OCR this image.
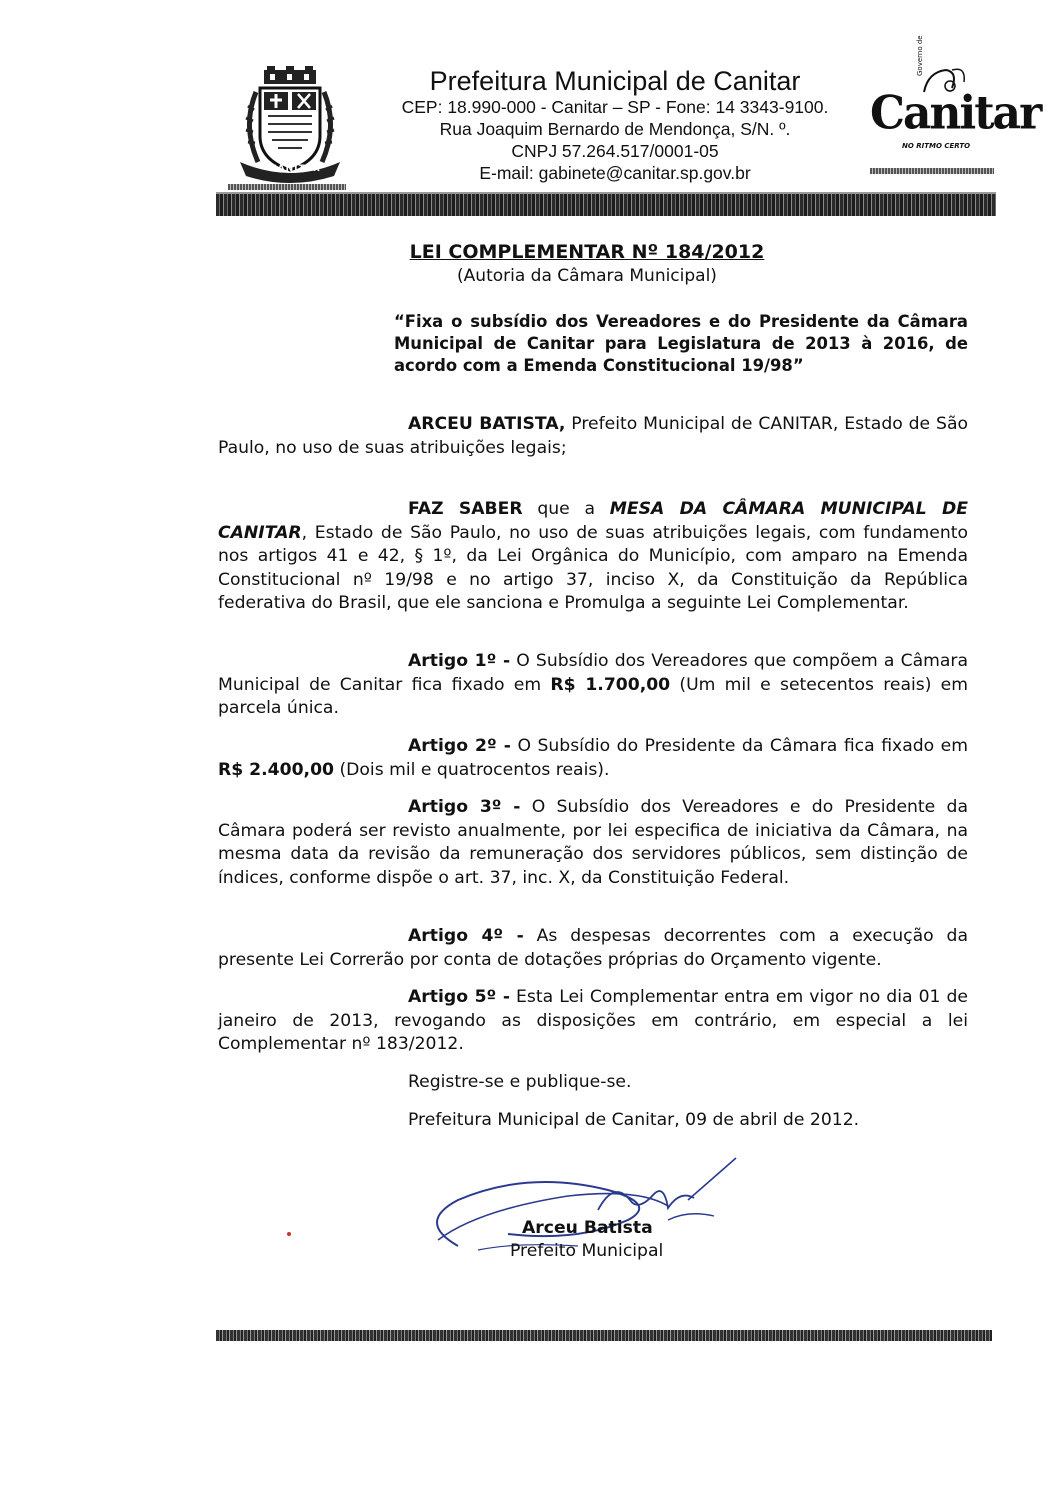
CANITAR

Prefeitura Municipal de Canitar

CEP: 18.990-000 - Canitar – SP - Fone: 14 3343-9100.

Rua Joaquim Bernardo de Mendonça, S/N. º.

CNPJ 57.264.517/0001-05

E-mail: gabinete@canitar.sp.gov.br

Governo de
Canitar
NO RITMO CERTO

LEI COMPLEMENTAR Nº 184/2012

(Autoria da Câmara Municipal)

“Fixa o subsídio dos Vereadores e do Presidente da Câmara Municipal de Canitar para Legislatura de 2013 à 2016, de acordo com a Emenda Constitucional 19/98”

ARCEU BATISTA, Prefeito Municipal de CANITAR, Estado de São Paulo, no uso de suas atribuições legais;

FAZ SABER que a MESA DA CÂMARA MUNICIPAL DE CANITAR, Estado de São Paulo, no uso de suas atribuições legais, com fundamento nos artigos 41 e 42, § 1º, da Lei Orgânica do Município, com amparo na Emenda Constitucional nº 19/98 e no artigo 37, inciso X, da Constituição da República federativa do Brasil, que ele sanciona e Promulga a seguinte Lei Complementar.

Artigo 1º - O Subsídio dos Vereadores que compõem a Câmara Municipal de Canitar fica fixado em R$ 1.700,00 (Um mil e setecentos reais) em parcela única.

Artigo 2º - O Subsídio do Presidente da Câmara fica fixado em R$ 2.400,00 (Dois mil e quatrocentos reais).

Artigo 3º - O Subsídio dos Vereadores e do Presidente da Câmara poderá ser revisto anualmente, por lei especifica de iniciativa da Câmara, na mesma data da revisão da remuneração dos servidores públicos, sem distinção de índices, conforme dispõe o art. 37, inc. X, da Constituição Federal.

Artigo 4º - As despesas decorrentes com a execução da presente Lei Correrão por conta de dotações próprias do Orçamento vigente.

Artigo 5º - Esta Lei Complementar entra em vigor no dia 01 de janeiro de 2013, revogando as disposições em contrário, em especial a lei Complementar nº 183/2012.

Registre-se e publique-se.

Prefeitura Municipal de Canitar, 09 de abril de 2012.

Arceu Batista

Prefeito Municipal
